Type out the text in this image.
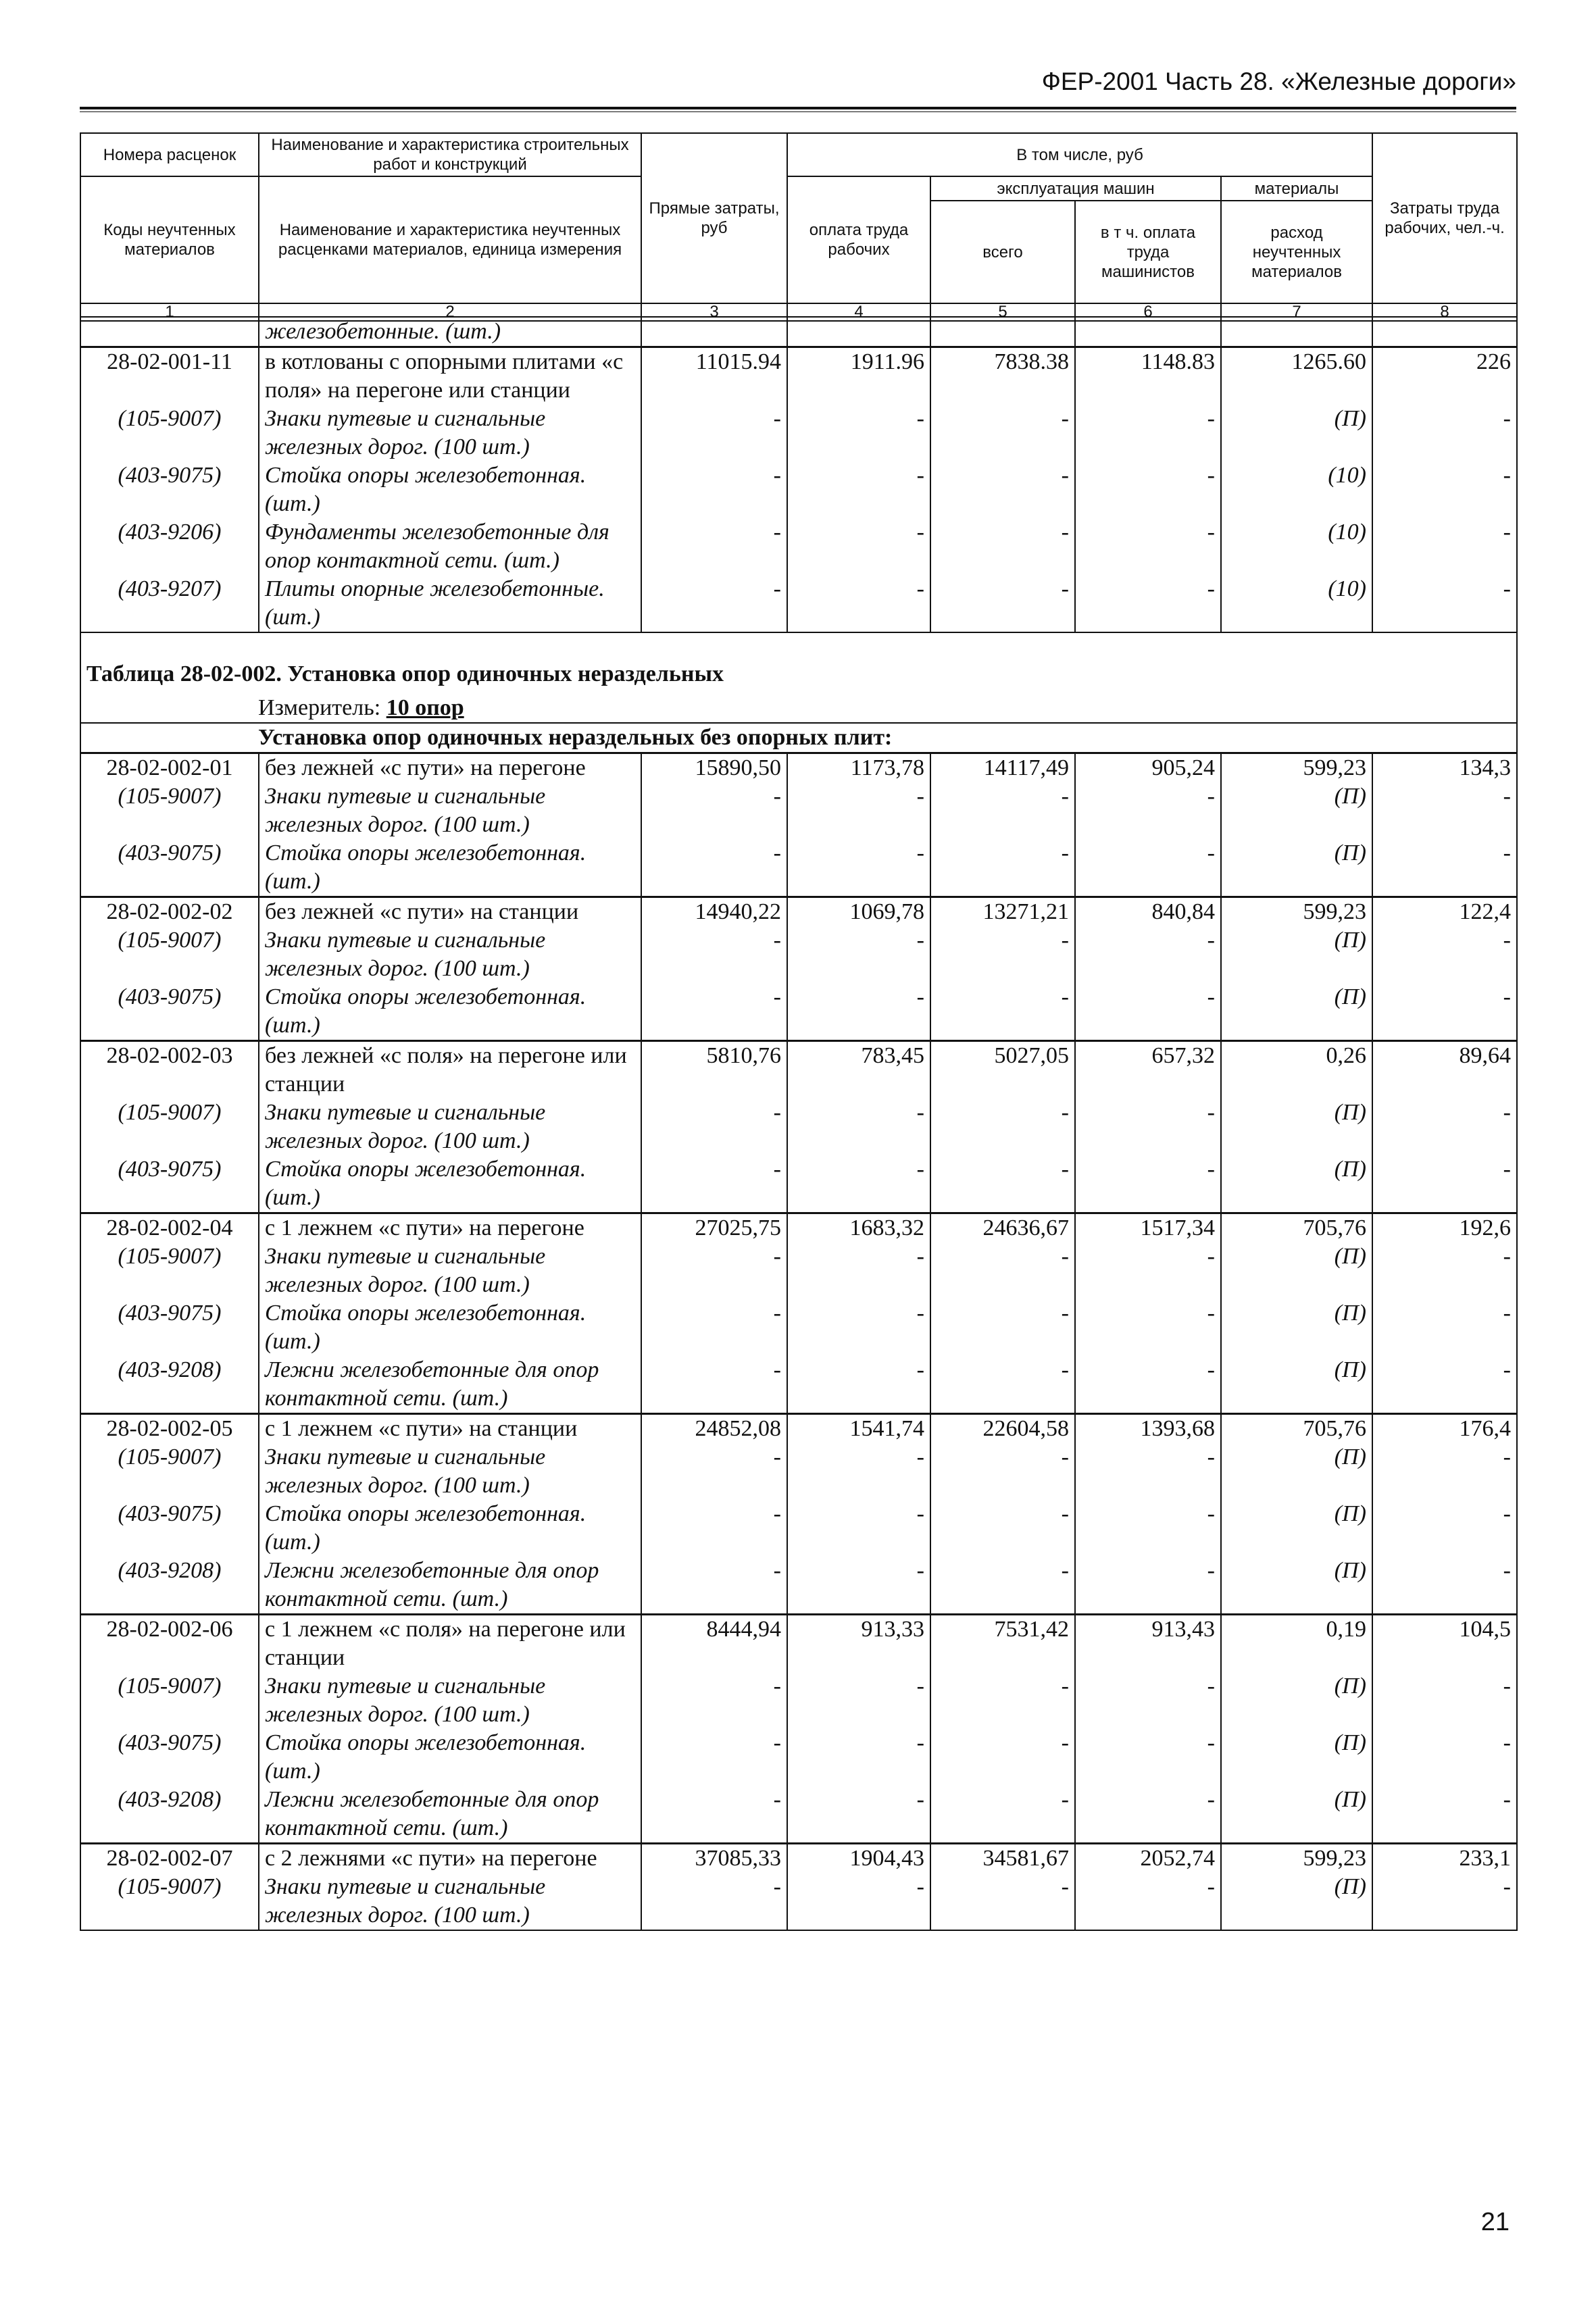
ФЕР-2001 Часть 28. «Железные дороги»
Номера расценок	Наименование и характеристика строительных работ и конструкций	Прямые затраты, руб	В том числе, руб				Затраты труда рабочих, чел.-ч.
Коды неучтенных материалов	Наименование и характеристика неучтенных расценками материалов, единица измерения		оплата труда рабочих	эксплуатация машин		материалы	
				всего	в т ч. оплата труда машинистов	расход неучтенных материалов	
1	2	3	4	5	6	7	8
	железобетонные. (шт.)						
28-02-001-11	в котлованы с опорными плитами «с поля» на перегоне или станции	11015.94	1911.96	7838.38	1148.83	1265.60	226
(105-9007)	Знаки путевые и сигнальные железных дорог. (100 шт.)	-	-	-	-	(П)	-
(403-9075)	Стойка опоры железобетонная. (шт.)	-	-	-	-	(10)	-
(403-9206)	Фундаменты железобетонные для опор контактной сети. (шт.)	-	-	-	-	(10)	-
(403-9207)	Плиты опорные железобетонные. (шт.)	-	-	-	-	(10)	-
Таблица 28-02-002. Установка опор одиночных нераздельных							
Измеритель: 10 опор							
Установка опор одиночных нераздельных без опорных плит:							
28-02-002-01	без лежней «с пути» на перегоне	15890,50	1173,78	14117,49	905,24	599,23	134,3
(105-9007)	Знаки путевые и сигнальные железных дорог. (100 шт.)	-	-	-	-	(П)	-
(403-9075)	Стойка опоры железобетонная. (шт.)	-	-	-	-	(П)	-
28-02-002-02	без лежней «с пути» на станции	14940,22	1069,78	13271,21	840,84	599,23	122,4
(105-9007)	Знаки путевые и сигнальные железных дорог. (100 шт.)	-	-	-	-	(П)	-
(403-9075)	Стойка опоры железобетонная. (шт.)	-	-	-	-	(П)	-
28-02-002-03	без лежней «с поля» на перегоне или станции	5810,76	783,45	5027,05	657,32	0,26	89,64
(105-9007)	Знаки путевые и сигнальные железных дорог. (100 шт.)	-	-	-	-	(П)	-
(403-9075)	Стойка опоры железобетонная. (шт.)	-	-	-	-	(П)	-
28-02-002-04	с 1 лежнем «с пути» на перегоне	27025,75	1683,32	24636,67	1517,34	705,76	192,6
(105-9007)	Знаки путевые и сигнальные железных дорог. (100 шт.)	-	-	-	-	(П)	-
(403-9075)	Стойка опоры железобетонная. (шт.)	-	-	-	-	(П)	-
(403-9208)	Лежни железобетонные для опор контактной сети. (шт.)	-	-	-	-	(П)	-
28-02-002-05	с 1 лежнем «с пути» на станции	24852,08	1541,74	22604,58	1393,68	705,76	176,4
(105-9007)	Знаки путевые и сигнальные железных дорог. (100 шт.)	-	-	-	-	(П)	-
(403-9075)	Стойка опоры железобетонная. (шт.)	-	-	-	-	(П)	-
(403-9208)	Лежни железобетонные для опор контактной сети. (шт.)	-	-	-	-	(П)	-
28-02-002-06	с 1 лежнем «с поля» на перегоне или станции	8444,94	913,33	7531,42	913,43	0,19	104,5
(105-9007)	Знаки путевые и сигнальные железных дорог. (100 шт.)	-	-	-	-	(П)	-
(403-9075)	Стойка опоры железобетонная. (шт.)	-	-	-	-	(П)	-
(403-9208)	Лежни железобетонные для опор контактной сети. (шт.)	-	-	-	-	(П)	-
28-02-002-07	с 2 лежнями «с пути» на перегоне	37085,33	1904,43	34581,67	2052,74	599,23	233,1
(105-9007)	Знаки путевые и сигнальные железных дорог. (100 шт.)	-	-	-	-	(П)	-
21
